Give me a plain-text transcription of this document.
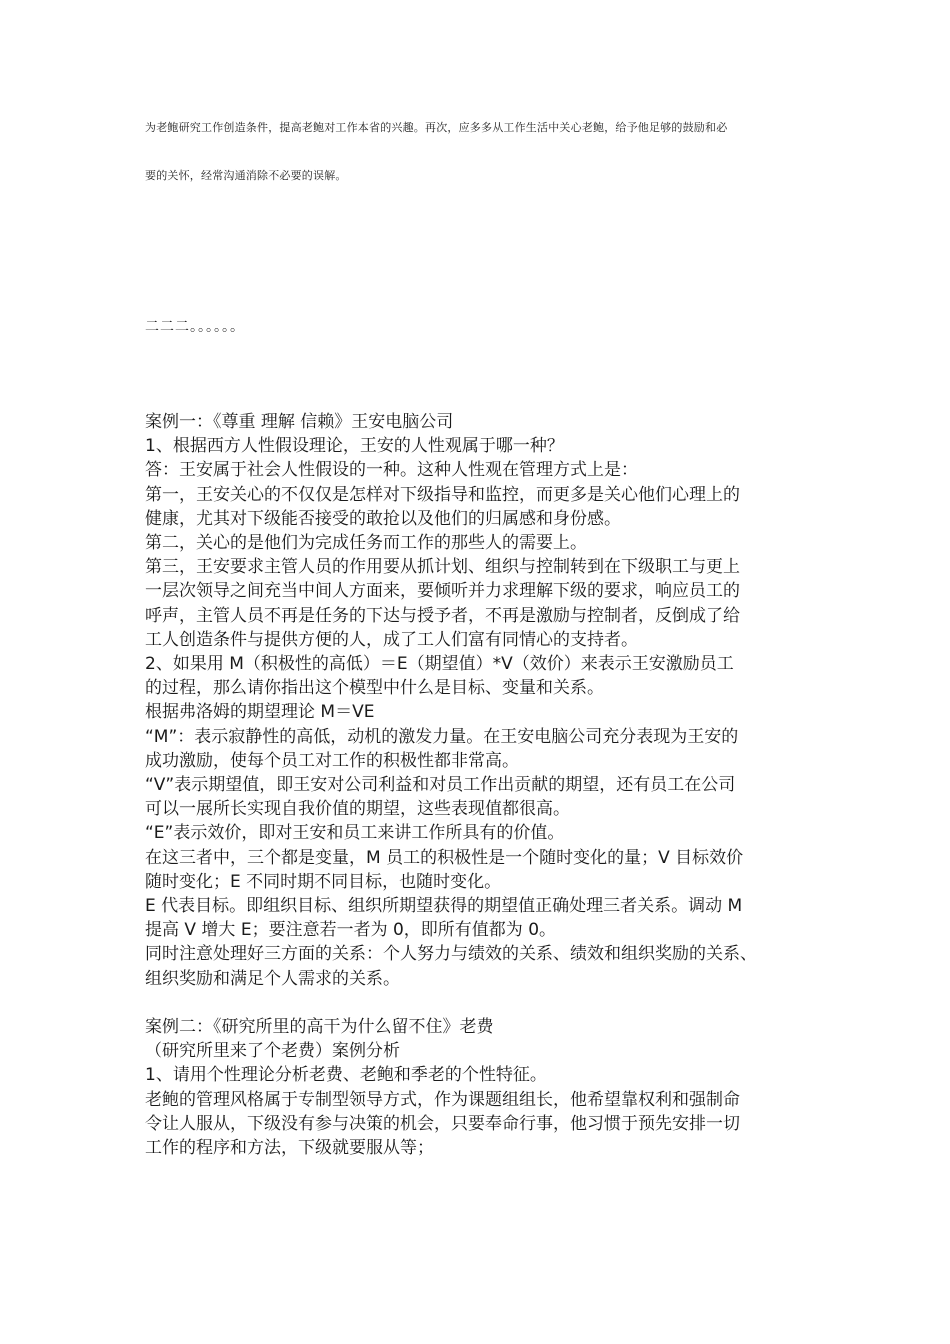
为老鲍研究工作创造条件，提高老鲍对工作本省的兴趣。再次，应多多从工作生活中关心老鲍，给予他足够的鼓励和必

要的关怀，经常沟通消除不必要的误解。

二二二。。。。。。

案例一：《尊重 理解 信赖》王安电脑公司

1、根据西方人性假设理论，王安的人性观属于哪一种？

答：王安属于社会人性假设的一种。这种人性观在管理方式上是：

第一，王安关心的不仅仅是怎样对下级指导和监控，而更多是关心他们心理上的

健康，尤其对下级能否接受的敢抢以及他们的归属感和身份感。

第二，关心的是他们为完成任务而工作的那些人的需要上。

第三，王安要求主管人员的作用要从抓计划、组织与控制转到在下级职工与更上

一层次领导之间充当中间人方面来，要倾听并力求理解下级的要求，响应员工的

呼声，主管人员不再是任务的下达与授予者，不再是激励与控制者，反倒成了给

工人创造条件与提供方便的人，成了工人们富有同情心的支持者。

2、如果用 M（积极性的高低）＝E（期望值）*V（效价）来表示王安激励员工

的过程，那么请你指出这个模型中什么是目标、变量和关系。

根据弗洛姆的期望理论 M＝VE

“M”：表示寂静性的高低，动机的激发力量。在王安电脑公司充分表现为王安的

成功激励，使每个员工对工作的积极性都非常高。

“V”表示期望值，即王安对公司利益和对员工作出贡献的期望，还有员工在公司

可以一展所长实现自我价值的期望，这些表现值都很高。

“E”表示效价，即对王安和员工来讲工作所具有的价值。

在这三者中，三个都是变量，M 员工的积极性是一个随时变化的量；V 目标效价

随时变化；E 不同时期不同目标，也随时变化。

E 代表目标。即组织目标、组织所期望获得的期望值正确处理三者关系。调动 M

提高 V 增大 E；要注意若一者为 0，即所有值都为 0。

同时注意处理好三方面的关系：个人努力与绩效的关系、绩效和组织奖励的关系、

组织奖励和满足个人需求的关系。

案例二：《研究所里的高干为什么留不住》老费

（研究所里来了个老费）案例分析

1、请用个性理论分析老费、老鲍和季老的个性特征。

老鲍的管理风格属于专制型领导方式，作为课题组组长，他希望靠权利和强制命

令让人服从，下级没有参与决策的机会，只要奉命行事，他习惯于预先安排一切

工作的程序和方法，下级就要服从等；
